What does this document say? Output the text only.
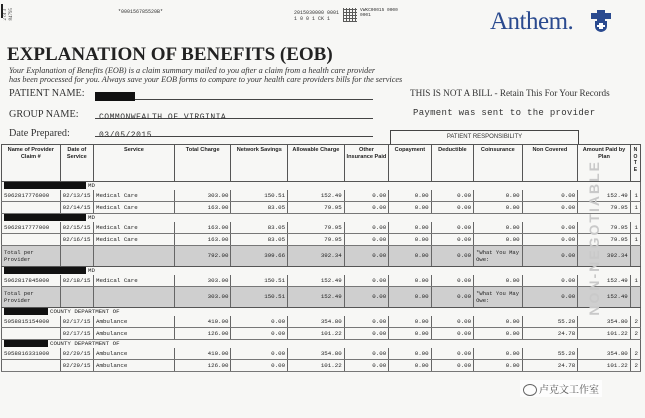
2 of 3
84795	*000156785520B*	2015030000 0001 1 0 0 1 CK 1
VWKC00015 0000 0001	Anthem.
EXPLANATION OF BENEFITS (EOB)
Your Explanation of Benefits (EOB) is a claim summary mailed to you after a claim from a health care provider
has been processed for you. Always save your EOB forms to compare to your health care providers bills for the services
PATIENT NAME:
GROUP NAME:	COMMONWEALTH OF VIRGINIA
Date Prepared:	03/05/2015
THIS IS NOT A BILL - Retain This For Your Records
Payment was sent to the provider
PATIENT RESPONSIBILITY
Name of Provider Claim #	Date of Service	Service	Total Charge	Network Savings	Allowable Charge	Other Insurance Paid	Copayment	Deductible	Coinsurance	Non Covered	Amount Paid by Plan	N O T E
MD												
5062817776000	02/13/15	Medical Care	303.00	150.51	152.49	0.00	0.00	0.00	0.00	0.00	152.49	1
	02/14/15	Medical Care	163.00	83.05	79.95	0.00	0.00	0.00	0.00	0.00	79.95	1
MD												
5062817777000	02/15/15	Medical Care	163.00	83.05	79.95	0.00	0.00	0.00	0.00	0.00	79.95	1
	02/16/15	Medical Care	163.00	83.05	79.95	0.00	0.00	0.00	0.00	0.00	79.95	1
Total per Provider			792.00	399.66	392.34	0.00	0.00	0.00	*What You May Owe:	0.00	392.34	
MD												
5062817845000	02/18/15	Medical Care	303.00	150.51	152.49	0.00	0.00	0.00	0.00	0.00	152.49	1
Total per Provider			303.00	150.51	152.49	0.00	0.00	0.00	*What You May Owe:	0.00	152.49	
COUNTY DEPARTMENT OF												
5058815154000	02/17/15	Ambulance	410.00	0.00	354.80	0.00	0.00	0.00	0.00	55.20	354.80	2
	02/17/15	Ambulance	126.00	0.00	101.22	0.00	0.00	0.00	0.00	24.78	101.22	2
COUNTY DEPARTMENT OF												
5058816331000	02/29/15	Ambulance	410.00	0.00	354.80	0.00	0.00	0.00	0.00	55.20	354.80	2
	02/29/15	Ambulance	126.00	0.00	101.22	0.00	0.00	0.00	0.00	24.78	101.22	2
NON-NEGOTIABLE
卢克文工作室
